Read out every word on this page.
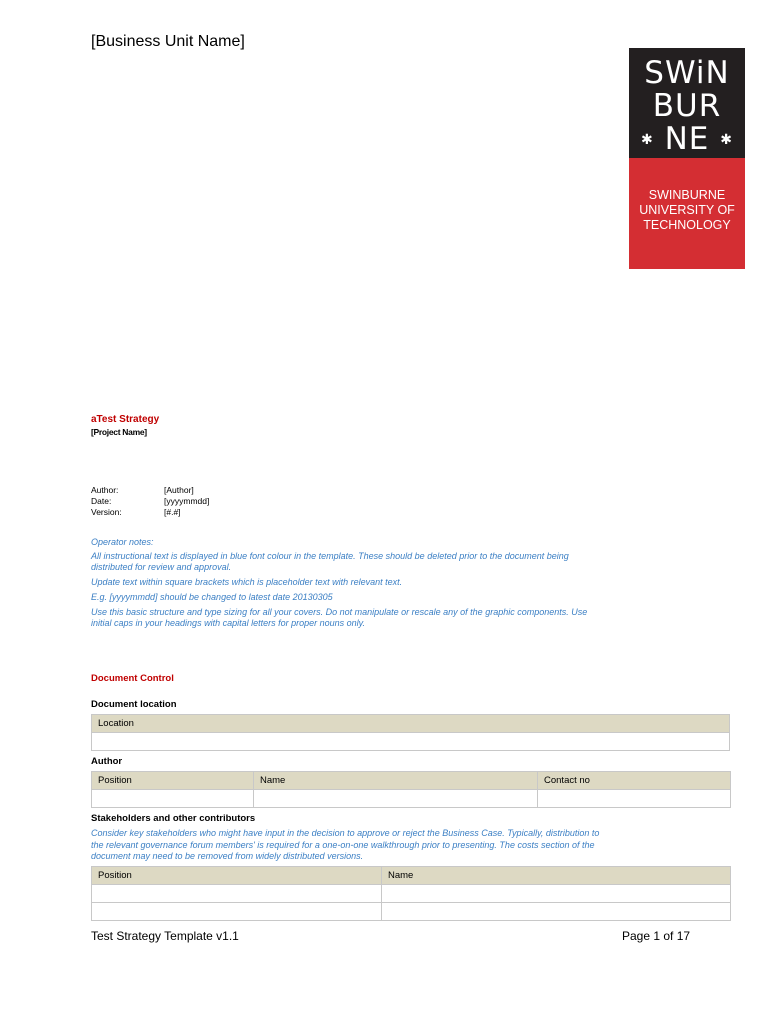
[Business Unit Name]
SWiN
BUR
✱ NE ✱
SWINBURNE
UNIVERSITY OF
TECHNOLOGY
aTest Strategy
[Project Name]
Author:	[Author]
Date:	[yyyymmdd]
Version:	[#.#]
Operator notes:
All instructional text is displayed in blue font colour in the template. These should be deleted prior to the document being
distributed for review and approval.
Update text within square brackets which is placeholder text with relevant text.
E.g. [yyyymmdd] should be changed to latest date 20130305
Use this basic structure and type sizing for all your covers. Do not manipulate or rescale any of the graphic components. Use
initial caps in your headings with capital letters for proper nouns only.
Document Control
Document location
Location

Author
Position	Name	Contact no

Stakeholders and other contributors
Consider key stakeholders who might have input in the decision to approve or reject the Business Case. Typically, distribution to
the relevant governance forum members' is required for a one-on-one walkthrough prior to presenting. The costs section of the
document may need to be removed from widely distributed versions.
Position	Name

Test Strategy Template v1.1	Page 1 of 17
